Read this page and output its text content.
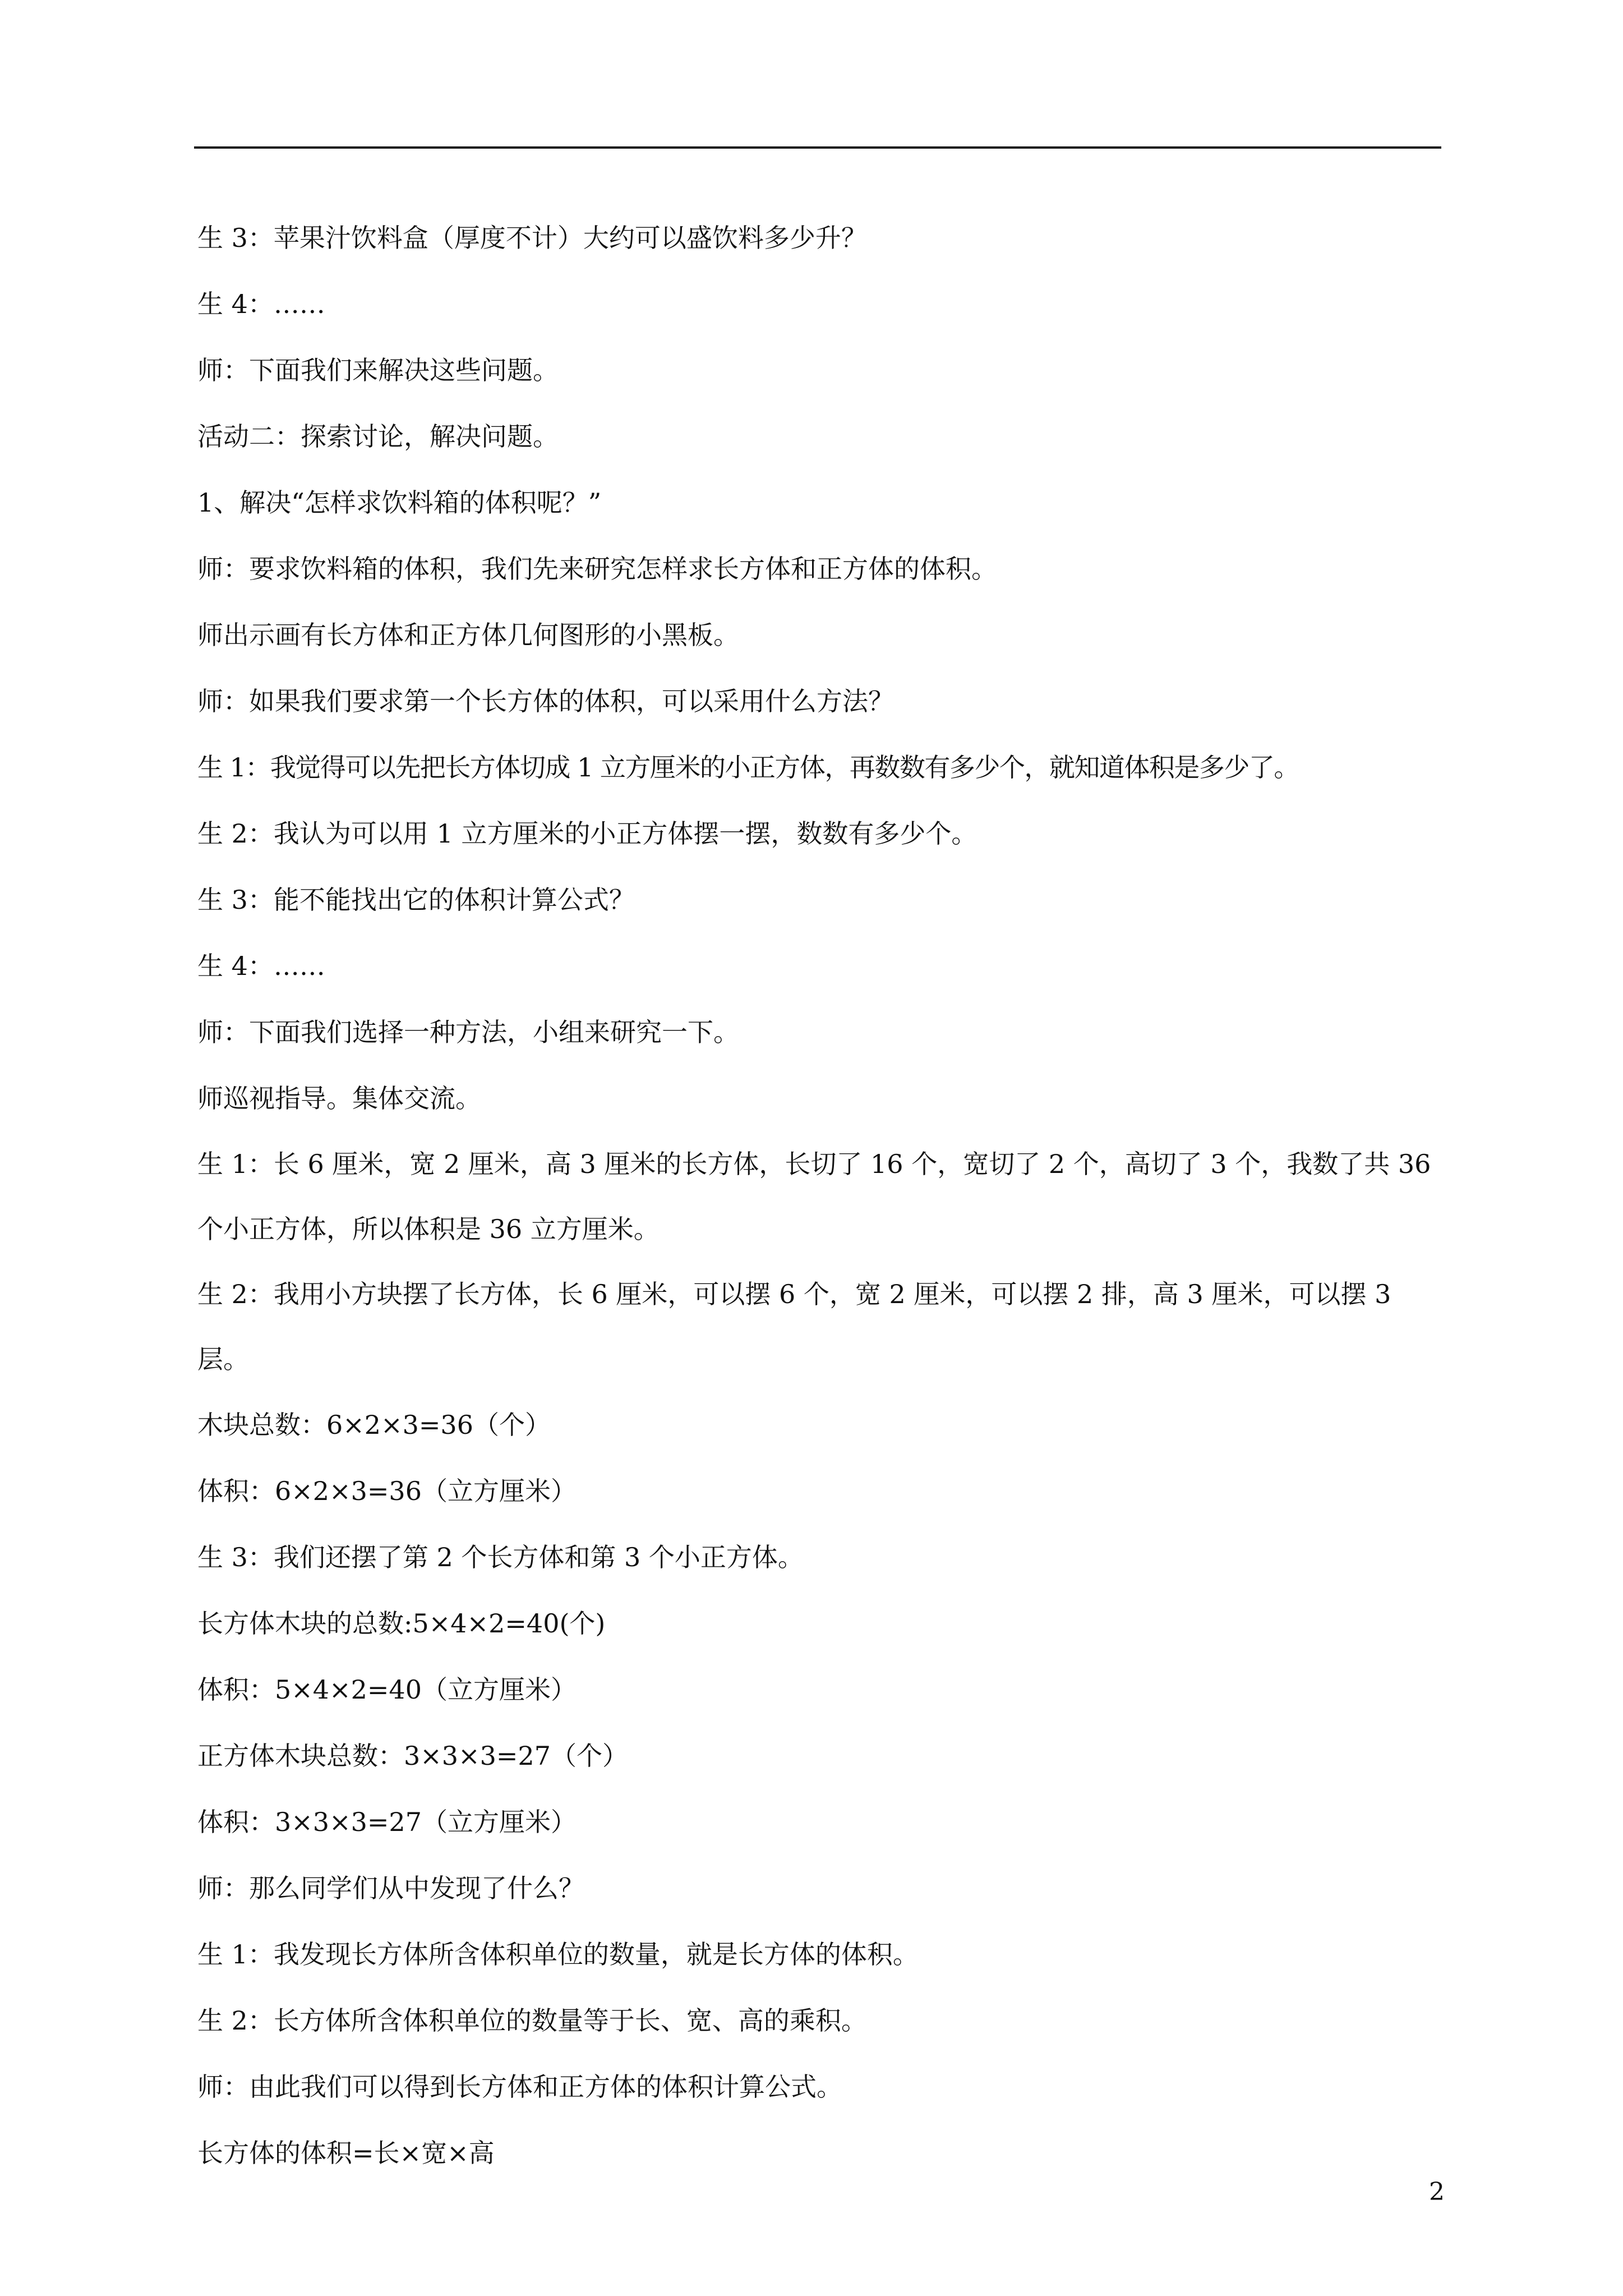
生 3：苹果汁饮料盒（厚度不计）大约可以盛饮料多少升？

生 4：……

师：下面我们来解决这些问题。

活动二：探索讨论，解决问题。

1、解决“怎样求饮料箱的体积呢？”

师：要求饮料箱的体积，我们先来研究怎样求长方体和正方体的体积。

师出示画有长方体和正方体几何图形的小黑板。

师：如果我们要求第一个长方体的体积，可以采用什么方法？

生 1：我觉得可以先把长方体切成 1 立方厘米的小正方体，再数数有多少个，就知道体积是多少了。

生 2：我认为可以用 1 立方厘米的小正方体摆一摆，数数有多少个。

生 3：能不能找出它的体积计算公式？

生 4：……

师：下面我们选择一种方法，小组来研究一下。

师巡视指导。集体交流。

生 1：长 6 厘米，宽 2 厘米，高 3 厘米的长方体，长切了 16 个，宽切了 2 个，高切了 3 个，我数了共 36 个小正方体，所以体积是 36 立方厘米。

生 2：我用小方块摆了长方体，长 6 厘米，可以摆 6 个，宽 2 厘米，可以摆 2 排，高 3 厘米，可以摆 3 层。

木块总数：6×2×3=36（个）

体积：6×2×3=36（立方厘米）

生 3：我们还摆了第 2 个长方体和第 3 个小正方体。

长方体木块的总数:5×4×2=40(个)

体积：5×4×2=40（立方厘米）

正方体木块总数：3×3×3=27（个）

体积：3×3×3=27（立方厘米）

师：那么同学们从中发现了什么？

生 1：我发现长方体所含体积单位的数量，就是长方体的体积。

生 2：长方体所含体积单位的数量等于长、宽、高的乘积。

师：由此我们可以得到长方体和正方体的体积计算公式。

长方体的体积=长×宽×高

2
